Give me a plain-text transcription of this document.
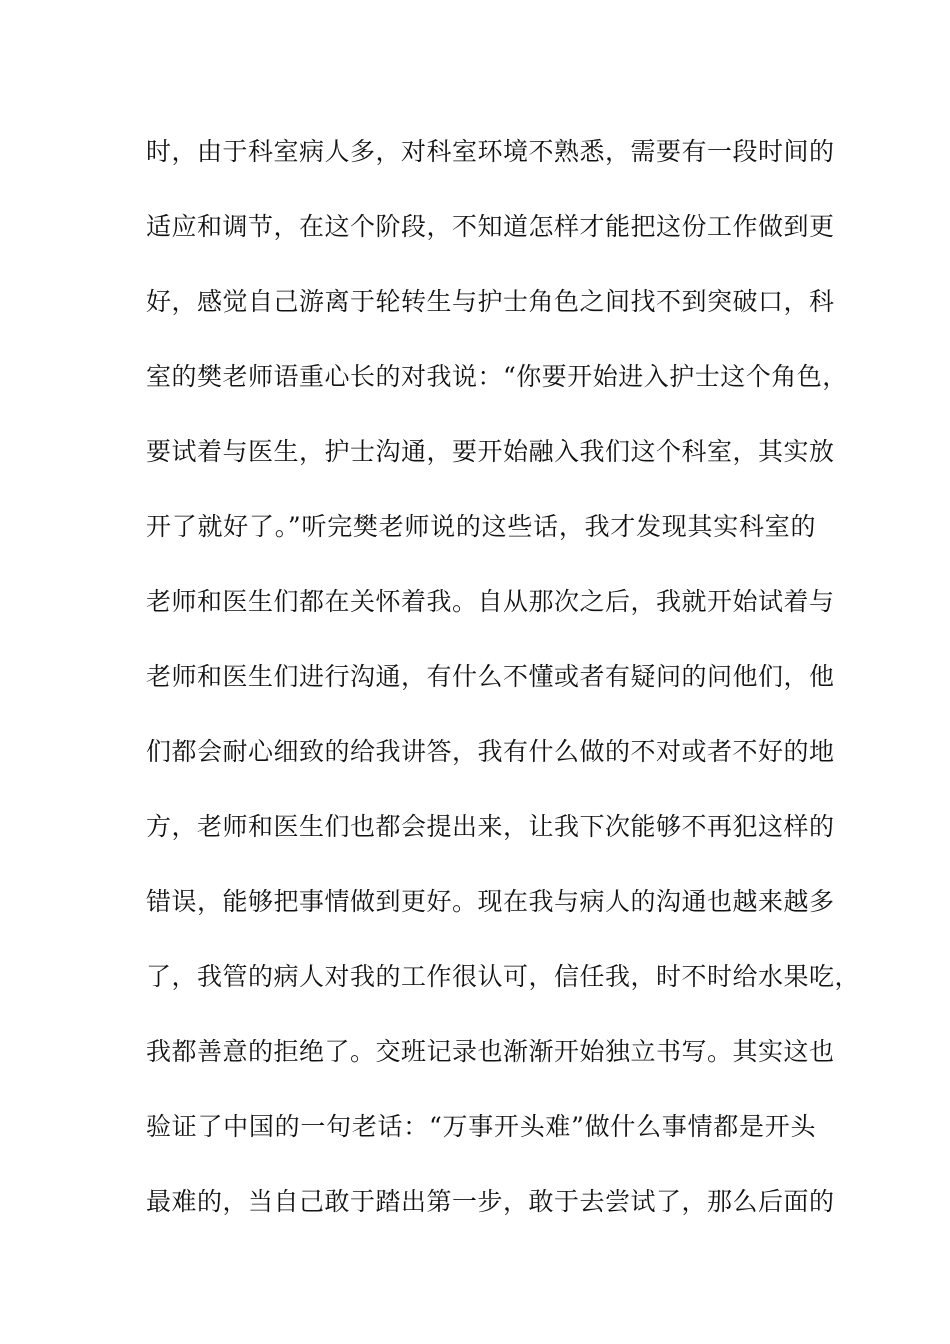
时，由于科室病人多，对科室环境不熟悉，需要有一段时间的
适应和调节，在这个阶段，不知道怎样才能把这份工作做到更
好，感觉自己游离于轮转生与护士角色之间找不到突破口，科
室的樊老师语重心长的对我说：“你要开始进入护士这个角色，
要试着与医生，护士沟通，要开始融入我们这个科室，其实放
开了就好了。”听完樊老师说的这些话，我才发现其实科室的
老师和医生们都在关怀着我。自从那次之后，我就开始试着与
老师和医生们进行沟通，有什么不懂或者有疑问的问他们，他
们都会耐心细致的给我讲答，我有什么做的不对或者不好的地
方，老师和医生们也都会提出来，让我下次能够不再犯这样的
错误，能够把事情做到更好。现在我与病人的沟通也越来越多
了，我管的病人对我的工作很认可，信任我，时不时给水果吃，
我都善意的拒绝了。交班记录也渐渐开始独立书写。其实这也
验证了中国的一句老话：“万事开头难”做什么事情都是开头
最难的，当自己敢于踏出第一步，敢于去尝试了，那么后面的
